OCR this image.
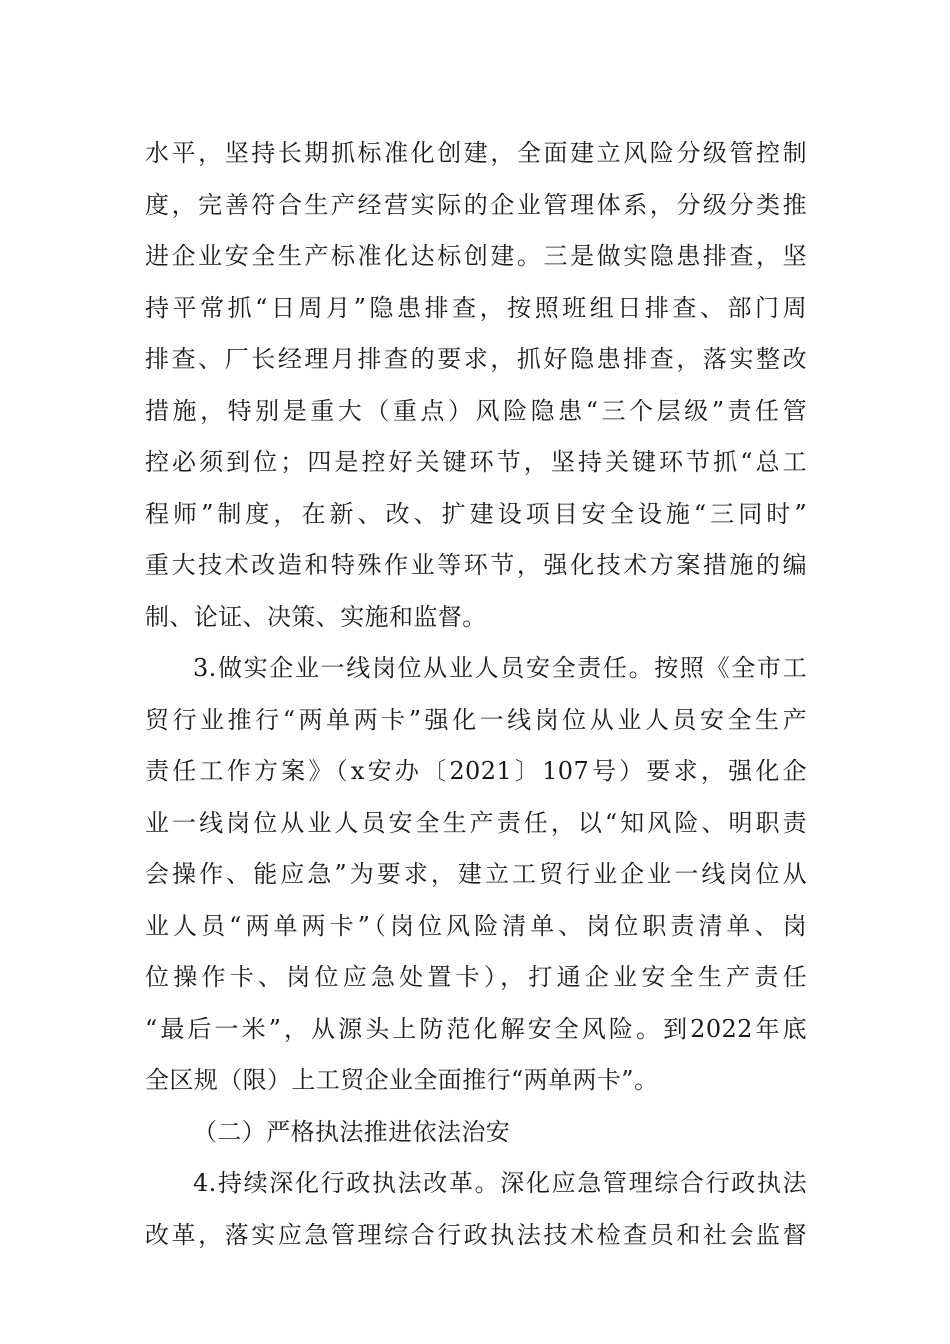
水平，坚持长期抓标准化创建，全面建立风险分级管控制
度，完善符合生产经营实际的企业管理体系，分级分类推
进企业安全生产标准化达标创建。三是做实隐患排查，坚
持平常抓“日周月”隐患排查，按照班组日排查、部门周
排查、厂长经理月排查的要求，抓好隐患排查，落实整改
措施，特别是重大（重点）风险隐患“三个层级”责任管
控必须到位；四是控好关键环节，坚持关键环节抓“总工
程师”制度，在新、改、扩建设项目安全设施“三同时”
重大技术改造和特殊作业等环节，强化技术方案措施的编
制、论证、决策、实施和监督。
3.做实企业一线岗位从业人员安全责任。按照《全市工
贸行业推行“两单两卡”强化一线岗位从业人员安全生产
责任工作方案》（x安办〔2021〕107号）要求，强化企
业一线岗位从业人员安全生产责任，以“知风险、明职责
会操作、能应急”为要求，建立工贸行业企业一线岗位从
业人员“两单两卡”（岗位风险清单、岗位职责清单、岗
位操作卡、岗位应急处置卡），打通企业安全生产责任
“最后一米”，从源头上防范化解安全风险。到2022年底
全区规（限）上工贸企业全面推行“两单两卡”。
（二）严格执法推进依法治安
4.持续深化行政执法改革。深化应急管理综合行政执法
改革，落实应急管理综合行政执法技术检查员和社会监督
